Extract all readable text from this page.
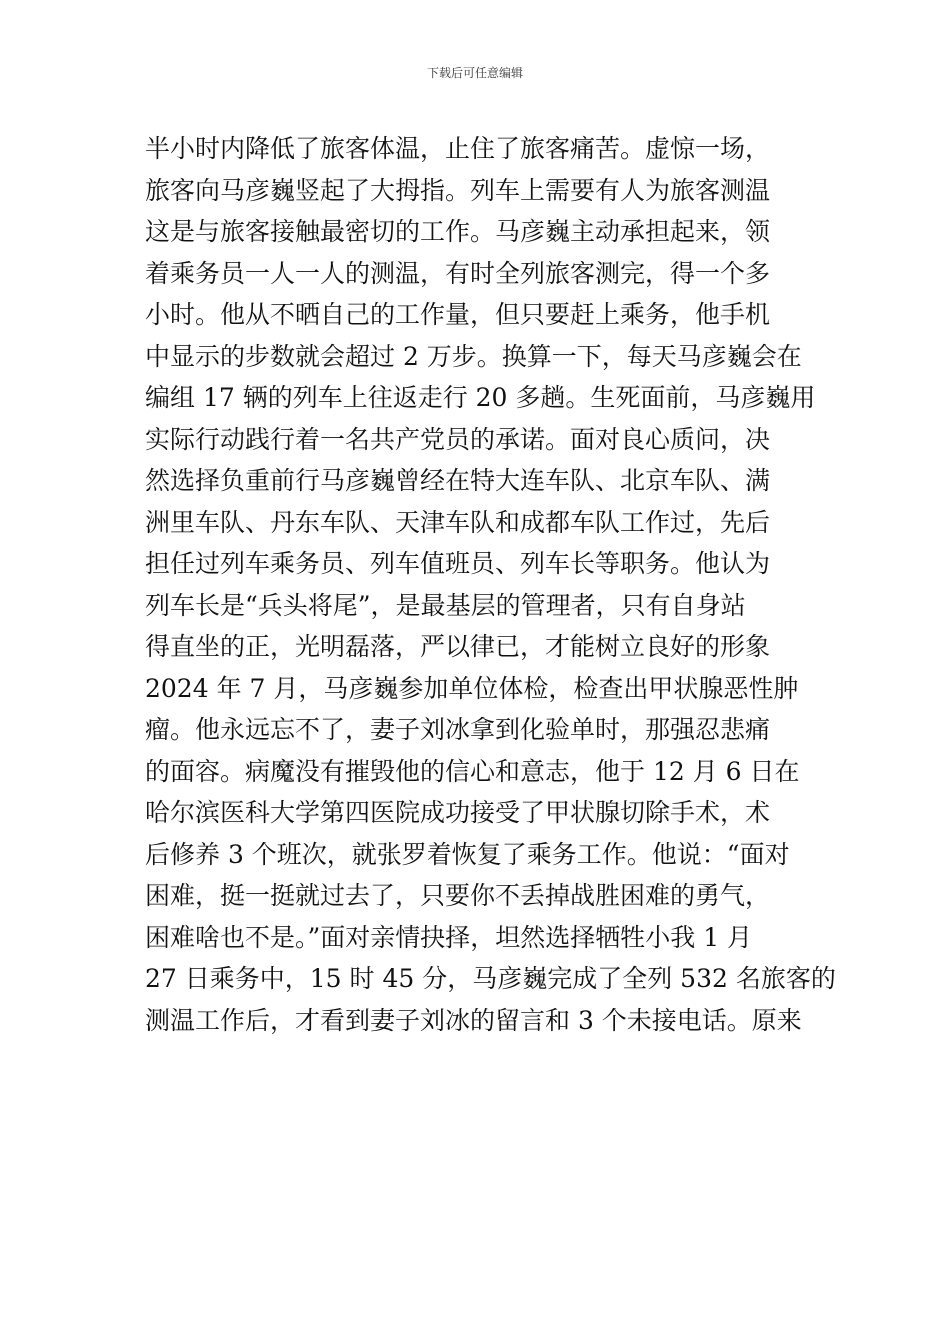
下载后可任意编辑
半小时内降低了旅客体温，止住了旅客痛苦。虚惊一场，
旅客向马彦巍竖起了大拇指。列车上需要有人为旅客测温
这是与旅客接触最密切的工作。马彦巍主动承担起来，领
着乘务员一人一人的测温，有时全列旅客测完，得一个多
小时。他从不晒自己的工作量，但只要赶上乘务，他手机
中显示的步数就会超过 2 万步。换算一下，每天马彦巍会在
编组 17 辆的列车上往返走行 20 多趟。生死面前，马彦巍用
实际行动践行着一名共产党员的承诺。面对良心质问，决
然选择负重前行马彦巍曾经在特大连车队、北京车队、满
洲里车队、丹东车队、天津车队和成都车队工作过，先后
担任过列车乘务员、列车值班员、列车长等职务。他认为
列车长是“兵头将尾”，是最基层的管理者，只有自身站
得直坐的正，光明磊落，严以律已，才能树立良好的形象
2024 年 7 月，马彦巍参加单位体检，检查出甲状腺恶性肿
瘤。他永远忘不了，妻子刘冰拿到化验单时，那强忍悲痛
的面容。病魔没有摧毁他的信心和意志，他于 12 月 6 日在
哈尔滨医科大学第四医院成功接受了甲状腺切除手术，术
后修养 3 个班次，就张罗着恢复了乘务工作。他说：“面对
困难，挺一挺就过去了，只要你不丢掉战胜困难的勇气，
困难啥也不是。”面对亲情抉择，坦然选择牺牲小我 1 月
27 日乘务中，15 时 45 分，马彦巍完成了全列 532 名旅客的
测温工作后，才看到妻子刘冰的留言和 3 个未接电话。原来
